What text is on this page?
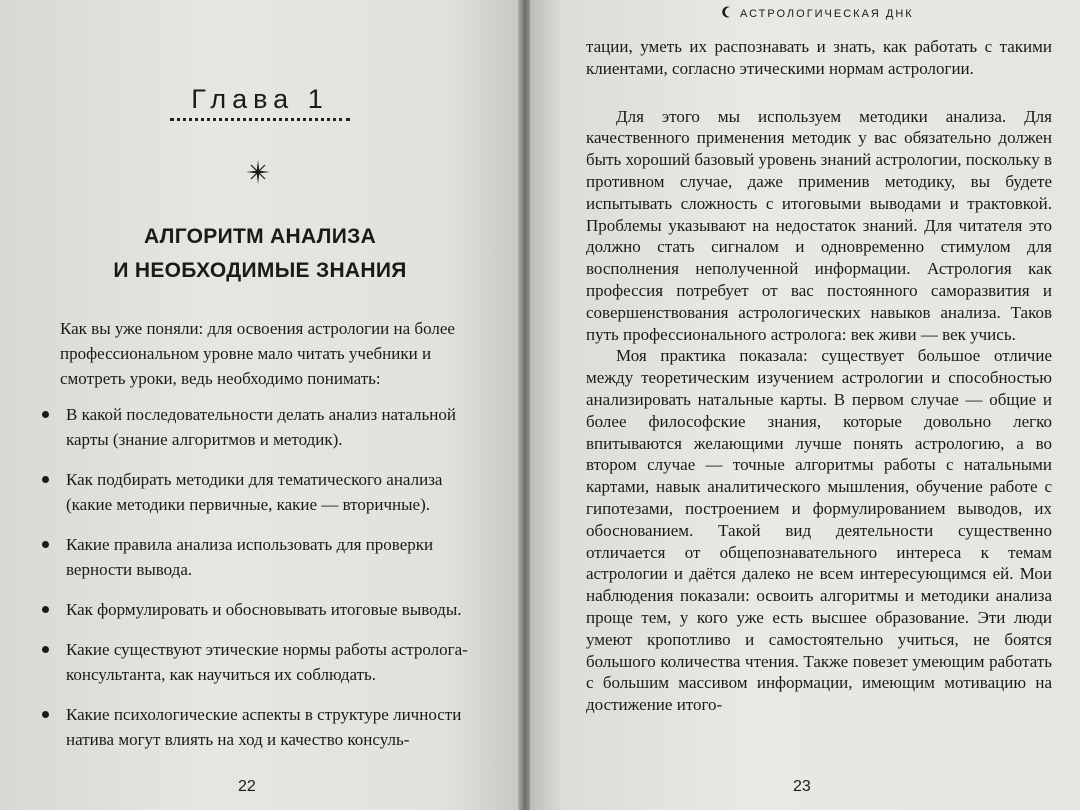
Глава 1
АЛГОРИТМ АНАЛИЗА
И НЕОБХОДИМЫЕ ЗНАНИЯ
Как вы уже поняли: для освоения астрологии на более профессиональном уровне мало читать учебники и смотреть уроки, ведь необходимо понимать:
В какой последовательности делать анализ натальной карты (знание алгоритмов и методик).
Как подбирать методики для тематического анализа (какие методики первичные, какие — вторичные).
Какие правила анализа использовать для проверки верности вывода.
Как формулировать и обосновывать итоговые выводы.
Какие существуют этические нормы работы астролога-консультанта, как научиться их соблюдать.
Какие психологические аспекты в структуре личности натива могут влиять на ход и качество консуль-
22
АСТРОЛОГИЧЕСКАЯ ДНК

тации, уметь их распознавать и знать, как работать с такими клиентами, согласно этическими нормам астрологии.

Для этого мы используем методики анализа. Для качественного применения методик у вас обязательно должен быть хороший базовый уровень знаний астрологии, поскольку в противном случае, даже применив методику, вы будете испытывать сложность с итоговыми выводами и трактовкой. Проблемы указывают на недостаток знаний. Для читателя это должно стать сигналом и одновременно стимулом для восполнения неполученной информации. Астрология как профессия потребует от вас постоянного саморазвития и совершенствования астрологических навыков анализа. Таков путь профессионального астролога: век живи — век учись.

Моя практика показала: существует большое отличие между теоретическим изучением астрологии и способностью анализировать натальные карты. В первом случае — общие и более философские знания, которые довольно легко впитываются желающими лучше понять астрологию, а во втором случае — точные алгоритмы работы с натальными картами, навык аналитического мышления, обучение работе с гипотезами, построением и формулированием выводов, их обоснованием. Такой вид деятельности существенно отличается от общепознавательного интереса к темам астрологии и даётся далеко не всем интересующимся ей. Мои наблюдения показали: освоить алгоритмы и методики анализа проще тем, у кого уже есть высшее образование. Эти люди умеют кропотливо и самостоятельно учиться, не боятся большого количества чтения. Также повезет умеющим работать с большим массивом информации, имеющим мотивацию на достижение итого-

23
